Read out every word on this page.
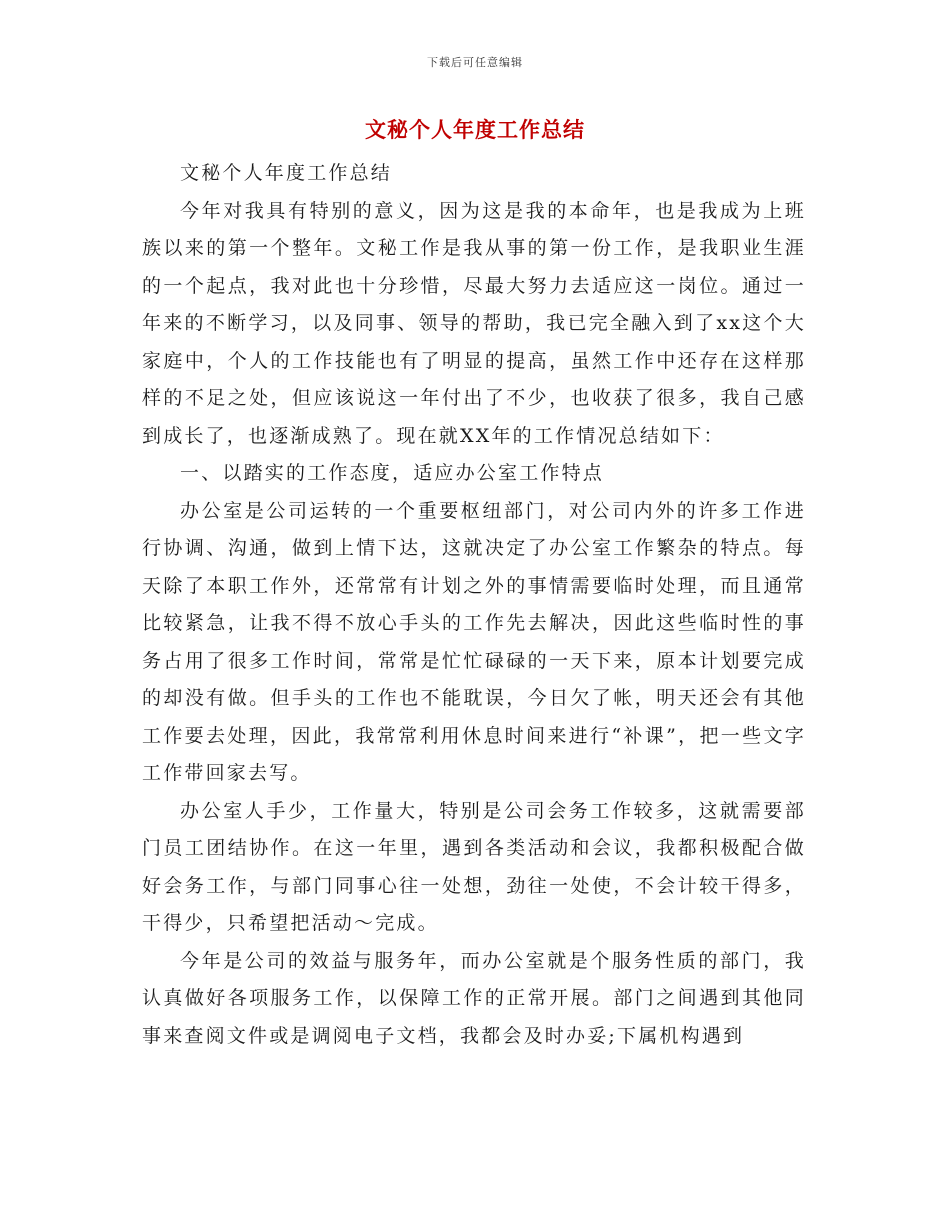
下载后可任意编辑
文秘个人年度工作总结

文秘个人年度工作总结

今年对我具有特别的意义，因为这是我的本命年，也是我成为上班族以来的第一个整年。文秘工作是我从事的第一份工作，是我职业生涯的一个起点，我对此也十分珍惜，尽最大努力去适应这一岗位。通过一年来的不断学习，以及同事、领导的帮助，我已完全融入到了xx这个大家庭中，个人的工作技能也有了明显的提高，虽然工作中还存在这样那样的不足之处，但应该说这一年付出了不少，也收获了很多，我自己感到成长了，也逐渐成熟了。现在就XX年的工作情况总结如下：

一、以踏实的工作态度，适应办公室工作特点

办公室是公司运转的一个重要枢纽部门，对公司内外的许多工作进行协调、沟通，做到上情下达，这就决定了办公室工作繁杂的特点。每天除了本职工作外，还常常有计划之外的事情需要临时处理，而且通常比较紧急，让我不得不放心手头的工作先去解决，因此这些临时性的事务占用了很多工作时间，常常是忙忙碌碌的一天下来，原本计划要完成的却没有做。但手头的工作也不能耽误，今日欠了帐，明天还会有其他工作要去处理，因此，我常常利用休息时间来进行“补课”，把一些文字工作带回家去写。

办公室人手少，工作量大，特别是公司会务工作较多，这就需要部门员工团结协作。在这一年里，遇到各类活动和会议，我都积极配合做好会务工作，与部门同事心往一处想，劲往一处使，不会计较干得多，干得少，只希望把活动～完成。

今年是公司的效益与服务年，而办公室就是个服务性质的部门，我认真做好各项服务工作，以保障工作的正常开展。部门之间遇到其他同事来查阅文件或是调阅电子文档，我都会及时办妥;下属机构遇到
